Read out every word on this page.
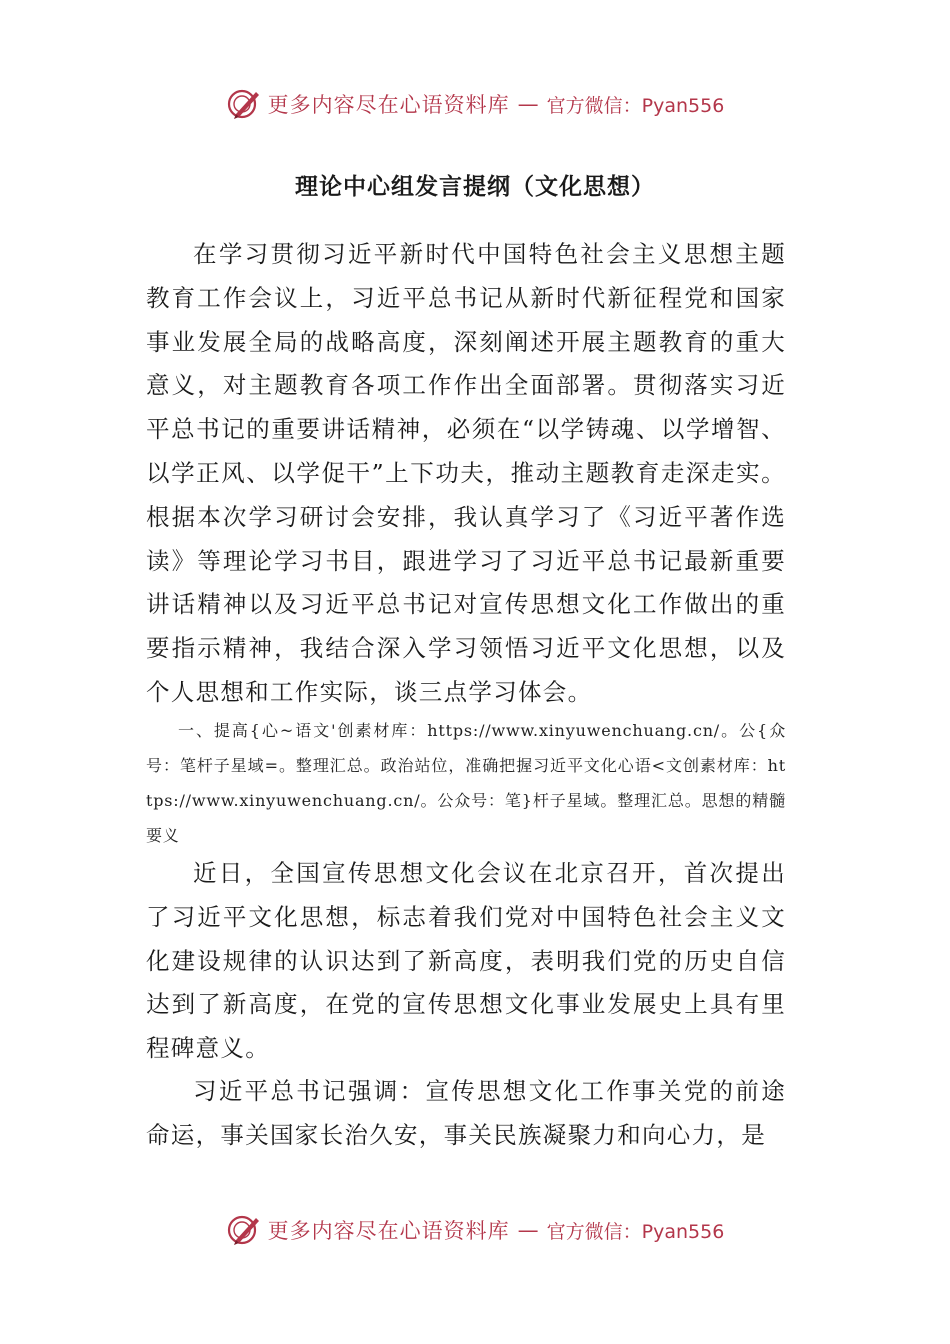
更多内容尽在心语资料库 — 官方微信：Pyan556
理论中心组发言提纲（文化思想）

在学习贯彻习近平新时代中国特色社会主义思想主题教育工作会议上，习近平总书记从新时代新征程党和国家事业发展全局的战略高度，深刻阐述开展主题教育的重大意义，对主题教育各项工作作出全面部署。贯彻落实习近平总书记的重要讲话精神，必须在“以学铸魂、以学增智、以学正风、以学促干”上下功夫，推动主题教育走深走实。根据本次学习研讨会安排，我认真学习了《习近平著作选读》等理论学习书目，跟进学习了习近平总书记最新重要讲话精神以及习近平总书记对宣传思想文化工作做出的重要指示精神，我结合深入学习领悟习近平文化思想，以及个人思想和工作实际，谈三点学习体会。

一、提高{心~语文'创素材库：https://www.xinyuwenchuang.cn/。公{众号：笔杆子星域=。整理汇总。政治站位，准确把握习近平文化心语<文创素材库：https://www.xinyuwenchuang.cn/。公众号：笔}杆子星域。整理汇总。思想的精髓要义

近日，全国宣传思想文化会议在北京召开，首次提出了习近平文化思想，标志着我们党对中国特色社会主义文化建设规律的认识达到了新高度，表明我们党的历史自信达到了新高度，在党的宣传思想文化事业发展史上具有里程碑意义。

习近平总书记强调：宣传思想文化工作事关党的前途命运，事关国家长治久安，事关民族凝聚力和向心力，是

更多内容尽在心语资料库 — 官方微信：Pyan556
